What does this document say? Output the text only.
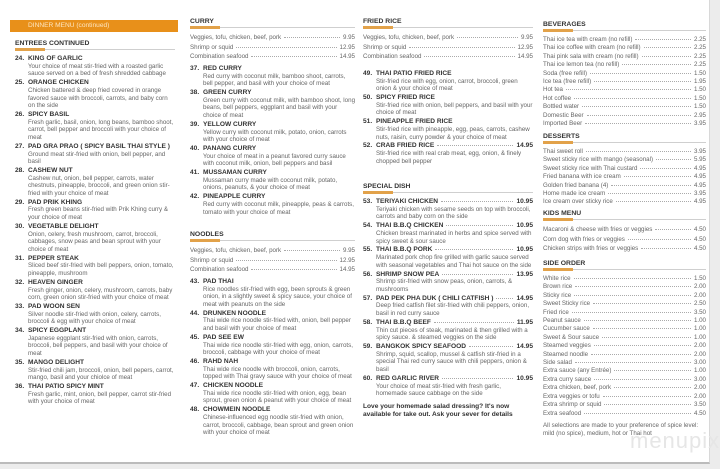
DINNER MENU (continued)
ENTREES CONTINUED
24. KING OF GARLIC
Your choice of meat stir-fried with a roasted garlic sauce served on a bed of fresh shredded cabbage
25. ORANGE CHICKEN
Chicken battered & deep fried covered in orange favored sauce with broccoli, carrots, and baby corn on the side
26. SPICY BASIL
Fresh garlic, basil, onion, long beans, bamboo shoot, carrot, bell pepper and broccoli with your choice of meat
27. PAD GRA PRAO ( SPICY BASIL THAI STYLE )
Ground meat stir-fried with onion, bell pepper, and basil
28. CASHEW NUT
Cashew nut, onion, bell pepper, carrots, water chestnuts, pineapple, broccoli, and green onion stir-fried with your choice of meat
29. PAD PRIK KHING
Fresh green beans stir-fried with Prik Khing curry & your choice of meat
30. VEGETABLE DELIGHT
Onion, celery, fresh mushroom, carrot, broccoli, cabbages, snow peas and bean sprout with your choice of meat
31. PEPPER STEAK
Sliced beef stir-fried with bell peppers, onion, tomato, pineapple, mushroom
32. HEAVEN GINGER
Fresh ginger, onion, celery, mushroom, carrots, baby corn, green onion stir-fried with your choice of meat
33. PAD WOON SEN
Silver noodle stir-fried with onion, celery, carrots, broccoli & egg with your choice of meat
34. SPICY EGGPLANT
Japanese eggplant stir-fried with onion, carrots, broccoli, bell peppers, and basil with your choice of meat
35. MANGO DELIGHT
Stir-fried chili jam, broccoli, onion, bell pepers, carrot, mango, basil and your chiolce of meat
36. THAI PATIO SPICY MINT
Fresh garlic, mint, onion, bell pepper, carrot stir-fried with your choice of meat
CURRY
Veggies, tofu, chicken, beef, pork	9.95
Shrimp or squid	12.95
Combination seafood	14.95
37. RED CURRY
Red curry with coconut milk, bamboo shoot, carrots, bell pepper, and basil with your choice of meat
38. GREEN CURRY
Green curry with coconut milk, with bamboo shoot, long beans, bell peppers, eggplant and basil with your choice of meat
39. YELLOW CURRY
Yellow curry with coconut milk, potato, onion, carrots with your choice of meat
40. PANANG CURRY
Your choice of meat in a peanut favored curry sauce with coconut milk, onion, bell peppers and basil
41. MUSSAMAN CURRY
Mussaman curry made with coconut milk, potato, onions, peanuts, & your choice of meat
42. PINEAPPLE CURRY
Red curry with coconut milk, pineapple, peas & carrots, tomato with your choice of meat
NOODLES
Veggies, tofu, chicken, beef, pork	9.95
Shrimp or squid	12.95
Combination seafood	14.95
43. PAD THAI
Rice noodles stir-fried with egg, been sprouts & green onion, in a slightly sweet & spicy sauce, your choice of meat with peanuts on the side
44. DRUNKEN NOODLE
Thai wide rice noodle stir-fried with, onion, bell pepper and basil with your choice of meat
45. PAD SEE EW
Thai wide rice noodle stir-fried with egg, onion, carrots, broccoli, cabbage with your choice of meat
46. RAHD NAH
Thai wide rice noodle with broccoli, onion, carrots, topped with Thai gravy sauce with your choice of meat
47. CHICKEN NOODLE
Thai wide rice noodle stir-fried with onion, egg, bean sprout, green onion & peanut with your choice of meat
48. CHOWMEIN NOODLE
Chinese-influenced egg noodle stir-fried with onion, carrot, broccoli, cabbage, bean sprout and green onion with your choice of meat
FRIED RICE
Veggies, tofu, chicken, beef, pork	9.95
Shrimp or squid	12.95
Combination seafood	14.95
49. THAI PATIO FRIED RICE
Stir-fried rice with egg, onion, carrot, broccoli, green onion & your choice of meat
50. SPICY FRIED RICE
Stir-fried rice with onion, bell peppers, and basil with your choice of meat
51. PINEAPPLE FRIED RICE
Stir-fried rice with pineapple, egg, peas, carrots, cashew nuts, raisin, curry powder & your choice of meat
52. CRAB FRIED RICE	14.95
Stir-fried rice with real crab meat, egg, onion, & finely chopped bell pepper
SPECIAL DISH
53. TERIYAKI CHICKEN	10.95
Teriyaki chicken with sesame seeds on top with broccoli, carrots and baby corn on the side
54. THAI B.B.Q CHICKEN	10.95
Chicken breast marinated in herbs and spice served with spicy sweet & sour sauce
55. THAI B.B.Q PORK	10.95
Marinated pork chop fire grilled with garlic sauce served with seasonal vegetables and Thai hot sauce on the side
56. SHRIMP SNOW PEA	13.95
Shrimp stir-fried with snow peas, onion, carrots, & mushrooms
57. PAD PEK PHA DUK ( CHILI CATFISH )	14.95
Deep fried catfish filet stir-fried with chili peppers, onion, basil in red curry sauce
58. THAI B.B.Q BEEF	11.95
Thin cut pieces of steak, marinated & then grilled with a spicy sauce. & steamed veggies on the side
59. BANGKOK SPICY SEAFOOD	14.95
Shrimp, squid, scallop, mussel & catfish stir-fried in a special Thai red curry sauce with chili peppers, onion & basil
60. RED GARLIC RIVER	10.95
Your choice of meat stir-fried with fresh garlic, homemade sauce cabbage on the side
Love your homemade salad dressing? It's now available for take out. Ask your sever for details
BEVERAGES
Thai ice tea with cream (no refill)	2.25
Thai ice coffee with cream (no refill)	2.25
Thai pink sala with cream (no refill)	2.25
Thai ice lemon tea (no refill)	2.25
Soda (free refill)	1.50
Ice tea (free refill)	1.95
Hot tea	1.50
Hot coffee	1.50
Bottled water	1.50
Domestic Beer	2.95
Imported Beer	3.95
DESSERTS
Thai sweet roll	3.95
Sweet sticky rice with mango (seasonal)	5.95
Sweet sticky rice with Thai custard	4.95
Fried banana with ice cream	4.95
Golden fried banana (4)	4.95
Home made ice cream	3.95
Ice cream over sticky rice	4.95
KIDS MENU
Macaroni & cheese with fries or veggies	4.50
Corn dog with fries or veggies	4.50
Chicken strips with fries or veggies	4.50
SIDE ORDER
White rice	1.50
Brown rice	2.00
Sticky rice	2.00
Sweet Sticky rice	2.50
Fried rice	3.50
Peanut sauce	1.00
Cucumber sauce	1.00
Sweet & Sour sauce	1.00
Steamed veggies	2.00
Steamed noodle	2.00
Side salad	3.00
Extra sauce (any Entrée)	1.00
Extra curry sauce	3.00
Extra chicken, beef, pork	2.00
Extra veggies or tofu	2.00
Extra shrimp or squid	3.50
Extra seafood	4.50
All selections are made to your preference of spice level: mild (no spice), medium, hot or Thai hot
menupix
